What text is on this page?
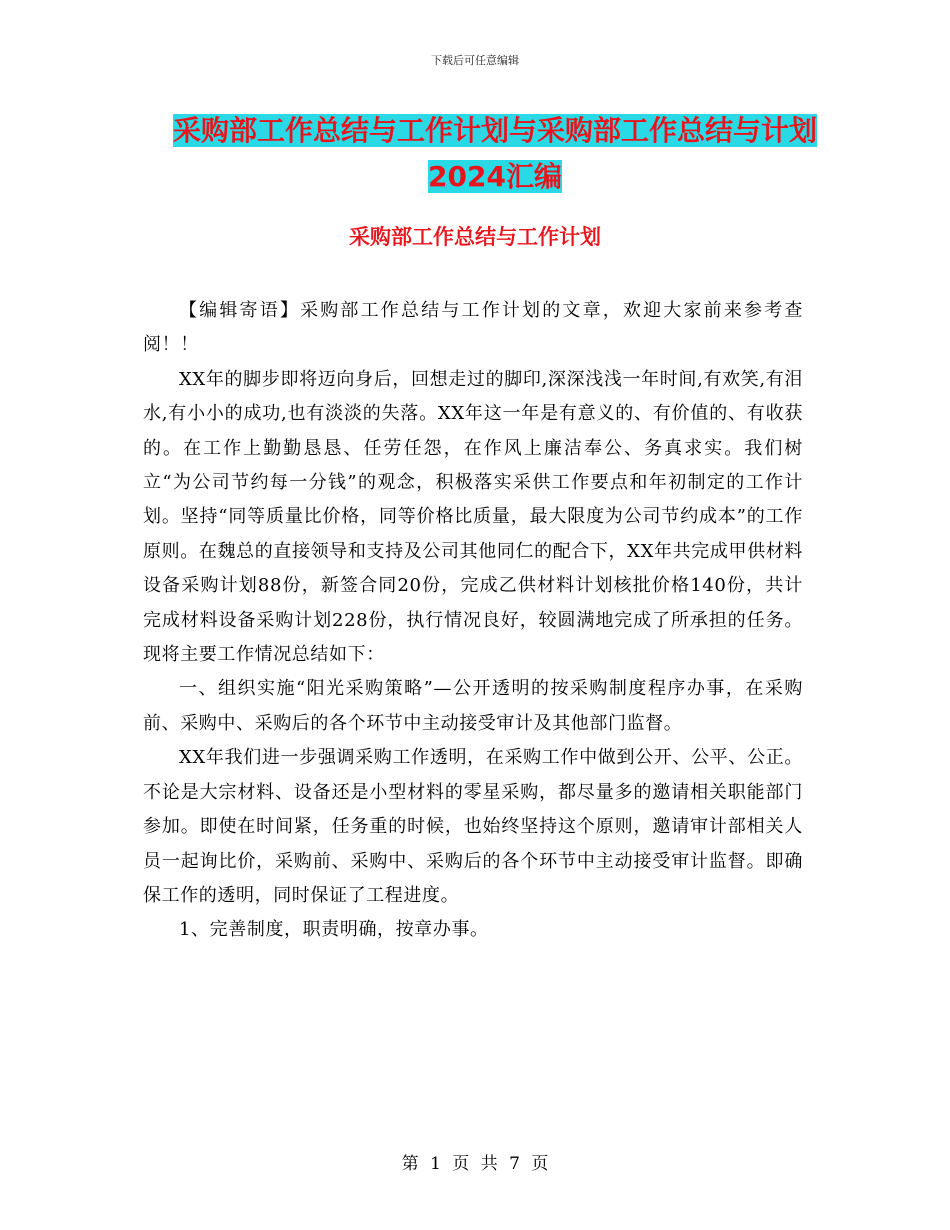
下载后可任意编辑
采购部工作总结与工作计划与采购部工作总结与计划
2024汇编
采购部工作总结与工作计划

【编辑寄语】采购部工作总结与工作计划的文章，欢迎大家前来参考查阅！！

XX年的脚步即将迈向身后，回想走过的脚印,深深浅浅一年时间,有欢笑,有泪水,有小小的成功,也有淡淡的失落。XX年这一年是有意义的、有价值的、有收获的。在工作上勤勤恳恳、任劳任怨，在作风上廉洁奉公、务真求实。我们树立“为公司节约每一分钱”的观念，积极落实采供工作要点和年初制定的工作计划。坚持“同等质量比价格，同等价格比质量，最大限度为公司节约成本”的工作原则。在魏总的直接领导和支持及公司其他同仁的配合下，XX年共完成甲供材料设备采购计划88份，新签合同20份，完成乙供材料计划核批价格140份，共计完成材料设备采购计划228份，执行情况良好，较圆满地完成了所承担的任务。现将主要工作情况总结如下：

一、组织实施“阳光采购策略”—公开透明的按采购制度程序办事，在采购前、采购中、采购后的各个环节中主动接受审计及其他部门监督。

XX年我们进一步强调采购工作透明，在采购工作中做到公开、公平、公正。不论是大宗材料、设备还是小型材料的零星采购，都尽量多的邀请相关职能部门参加。即使在时间紧，任务重的时候，也始终坚持这个原则，邀请审计部相关人员一起询比价，采购前、采购中、采购后的各个环节中主动接受审计监督。即确保工作的透明，同时保证了工程进度。

1、完善制度，职责明确，按章办事。

第 1 页 共 7 页
